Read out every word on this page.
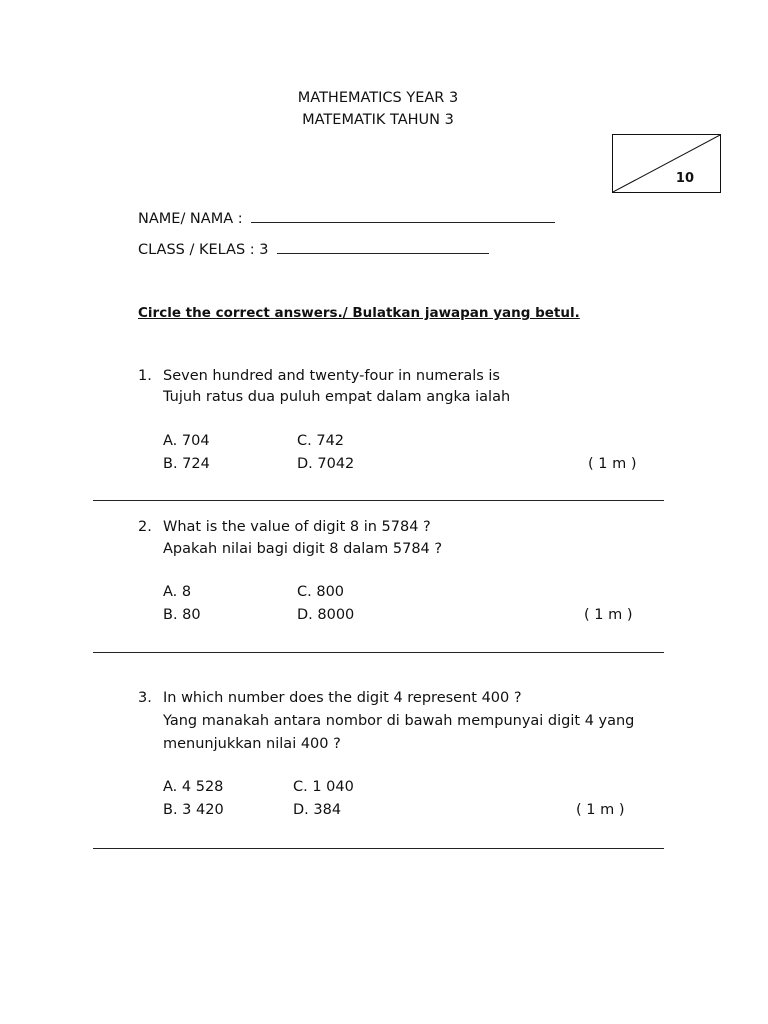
MATHEMATICS YEAR 3
MATEMATIK TAHUN 3
10
NAME/ NAMA :
CLASS / KELAS : 3
Circle the correct answers./ Bulatkan jawapan yang betul.
1. Seven hundred and twenty-four in numerals is
Tujuh ratus dua puluh empat dalam angka ialah
A. 704	C. 742
B. 724	D. 7042	( 1 m )
2. What is the value of digit 8 in 5784 ?
Apakah nilai bagi digit 8 dalam 5784 ?
A. 8	C. 800
B. 80	D. 8000	( 1 m )
3. In which number does the digit 4 represent 400 ?
Yang manakah antara nombor di bawah mempunyai digit 4 yang
menunjukkan nilai 400 ?
A. 4 528	C. 1 040
B. 3 420	D. 384	( 1 m )
